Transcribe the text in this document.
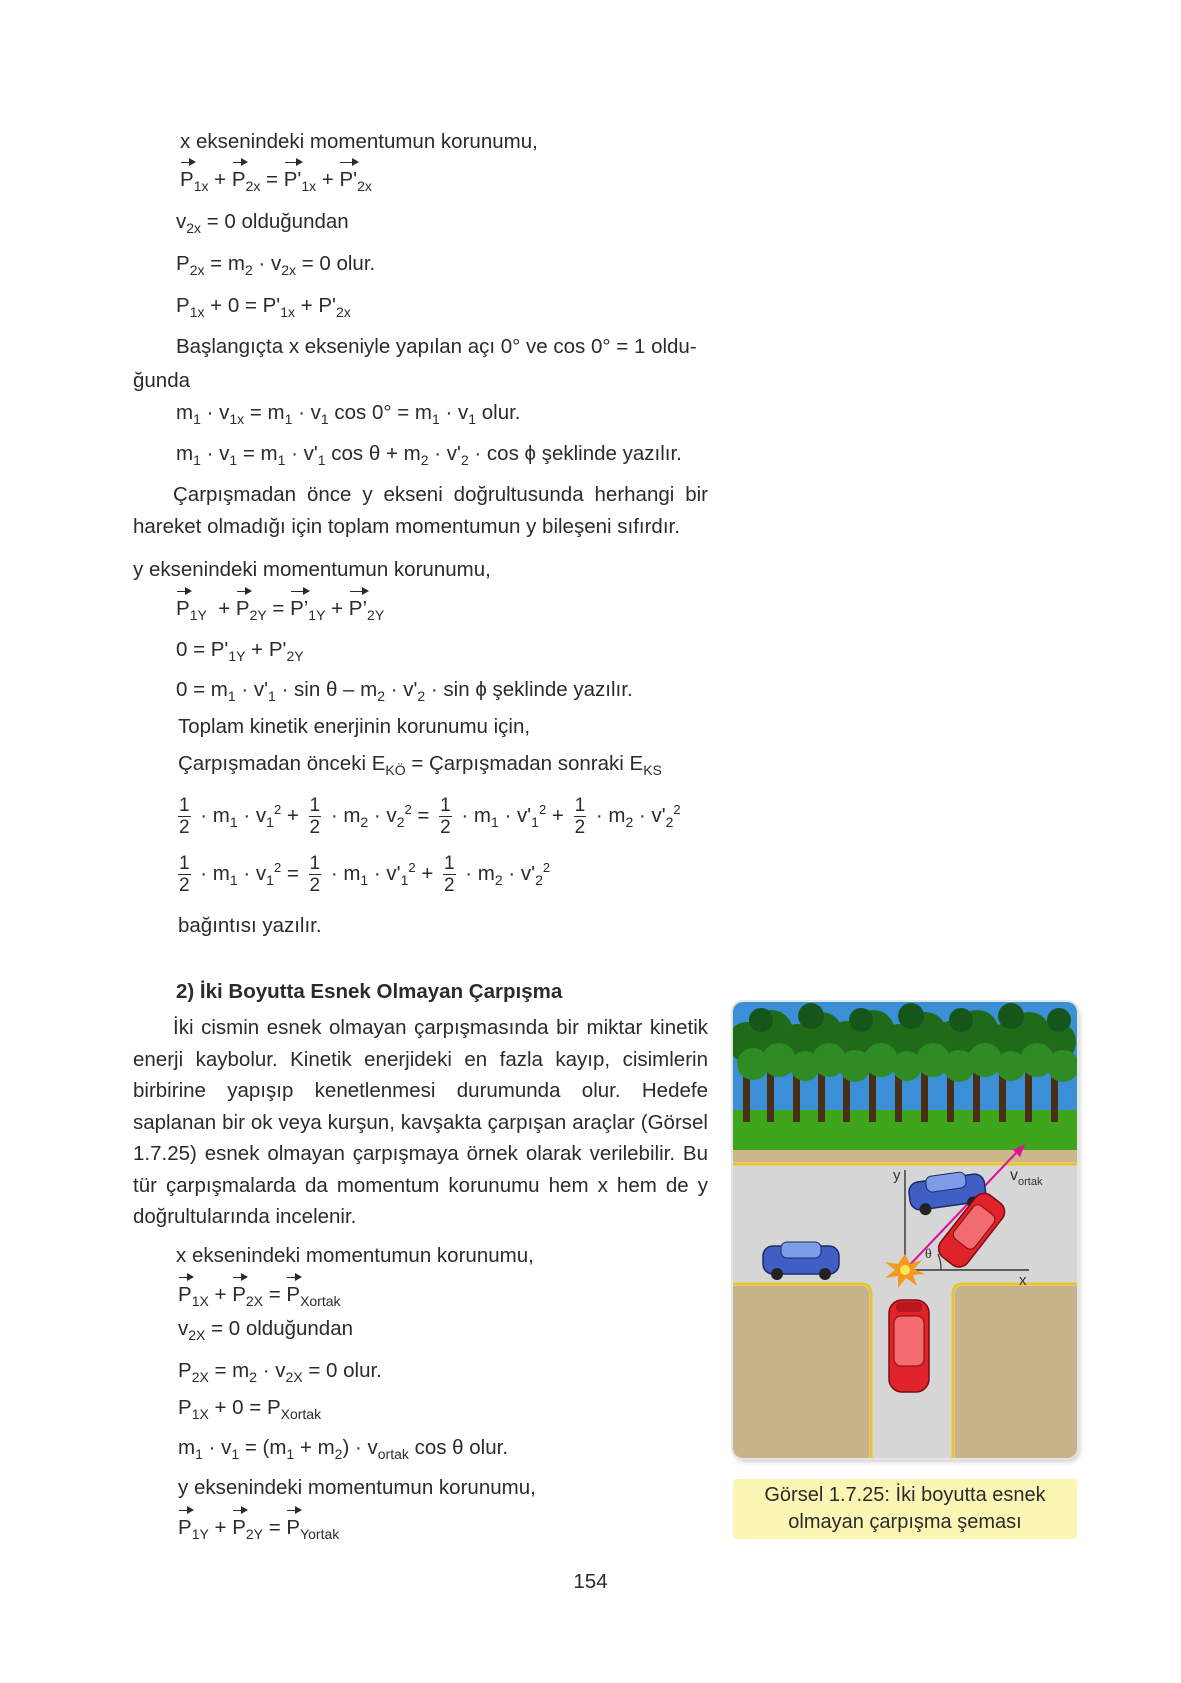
x eksenindeki momentumun korunumu,
$P_{1x} + P_{2x} = P'_{1x} + P'_{2x}$
$v_{2x} = 0$ olduğundan
$P_{2x} = m_2 \cdot v_{2x} = 0$ olur.
$P_{1x} + 0 = P'_{1x} + P'_{2x}$
Başlangıçta x ekseniyle yapılan açı 0° ve cos 0° = 1 oldu-
ğunda
$m_1 \cdot v_{1x} = m_1 \cdot v_1$ $\cos 0^\circ = m_1 \cdot v_1$ olur.
$m_1 \cdot v_1 = m_1 \cdot v'_1$ $\cos \theta + m_2 \cdot v'_2 \cdot \cos \phi$ şeklinde yazılır.

Çarpışmadan önce y ekseni doğrultusunda herhangi bir hareket olmadığı için toplam momentumun y bileşeni sıfırdır.

y eksenindeki momentumun korunumu,
$P_{1Y} + P_{2Y}$ = $P’_{1Y}$ + $P’_{2Y}$
$0 = P'_{1Y} + P'_{2Y}$
$0 = m_1 \cdot v'_1 \cdot \sin \theta - m_2 \cdot v'_2 \cdot \sin \phi$ şeklinde yazılır.
Toplam kinetik enerjinin korunumu için,
Çarpışmadan önceki $E_{KÖ}$ = Çarpışmadan sonraki $E_{KS}$
$\frac{1}{2} \cdot m_1 \cdot v_1^2 + \frac{1}{2} \cdot m_2 \cdot v_2^2 = \frac{1}{2} \cdot m_1 \cdot v'_1^2 + \frac{1}{2} \cdot m_2 \cdot v'_2^2$
$\frac{1}{2} \cdot m_1 \cdot v_1^2 = \frac{1}{2} \cdot m_1 \cdot v'_1^2 + \frac{1}{2} \cdot m_2 \cdot v'_2^2$
bağıntısı yazılır.
2) İki Boyutta Esnek Olmayan Çarpışma

İki cismin esnek olmayan çarpışmasında bir miktar kinetik enerji kaybolur. Kinetik enerjideki en fazla kayıp, cisimlerin birbirine yapışıp kenetlenmesi durumunda olur. Hedefe saplanan bir ok veya kurşun, kavşakta çarpışan araçlar (Görsel 1.7.25) esnek olmayan çarpışmaya örnek olarak verilebilir. Bu tür çarpışmalarda da momentum korunumu hem x hem de y doğrultularında incelenir.

x eksenindeki momentumun korunumu,
$P_{1X} + P_{2X} = P_{Xortak}$
$v_{2X} = 0$ olduğundan
$P_{2X} = m_2 \cdot v_{2X} = 0$ olur.
$P_{1X} + 0 = P_{Xortak}$
$m_1 \cdot v_1 = (m_1 + m_2) \cdot v_{ortak}$ cos θ olur.
y eksenindeki momentumun korunumu,
$P_{1Y} + P_{2Y} = P_{Yortak}$
y
x
θ
$v_{ortak}$
Görsel 1.7.25: İki boyutta esnek
olmayan çarpışma şeması
154
